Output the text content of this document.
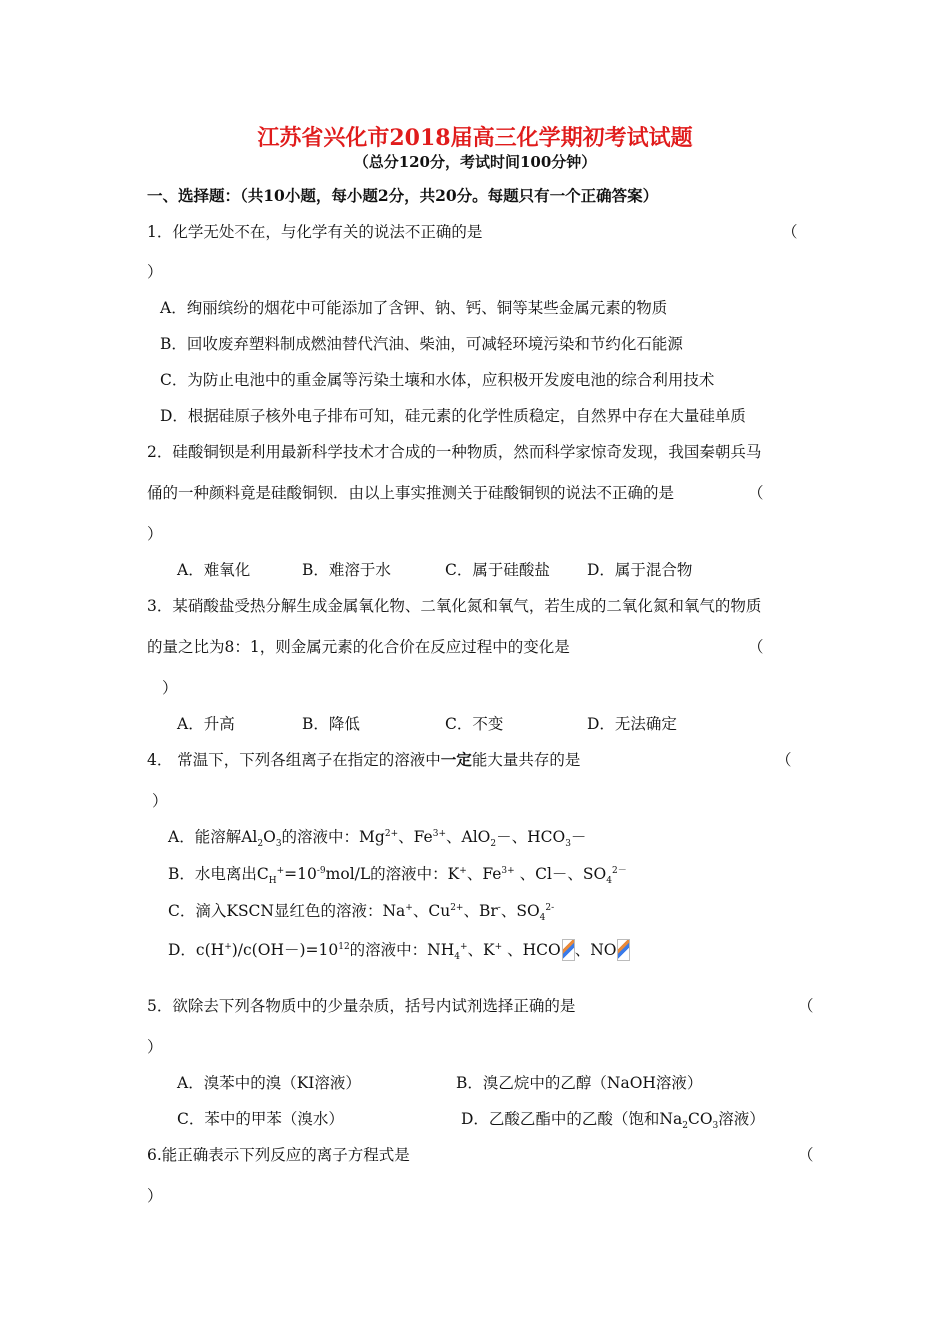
江苏省兴化市2018届高三化学期初考试试题
（总分120分，考试时间100分钟）
一、选择题：（共10小题，每小题2分，共20分。每题只有一个正确答案）
1．化学无处不在，与化学有关的说法不正确的是	（
）
A．绚丽缤纷的烟花中可能添加了含钾、钠、钙、铜等某些金属元素的物质
B．回收废弃塑料制成燃油替代汽油、柴油，可减轻环境污染和节约化石能源
C．为防止电池中的重金属等污染土壤和水体，应积极开发废电池的综合利用技术
D．根据硅原子核外电子排布可知，硅元素的化学性质稳定，自然界中存在大量硅单质
2．硅酸铜钡是利用最新科学技术才合成的一种物质，然而科学家惊奇发现，我国秦朝兵马
俑的一种颜料竟是硅酸铜钡．由以上事实推测关于硅酸铜钡的说法不正确的是	（
）
A．难氧化	B．难溶于水	C．属于硅酸盐 D．属于混合物
3．某硝酸盐受热分解生成金属氧化物、二氧化氮和氧气，若生成的二氧化氮和氧气的物质
的量之比为8：1，则金属元素的化合价在反应过程中的变化是	（
）
A．升高	B．降低	C．不变	D．无法确定
4． 常温下，下列各组离子在指定的溶液中一定能大量共存的是	（
）
A．能溶解$Al_2O_3$的溶液中：$Mg^{2+}$、$Fe^{3+}$、AlO$_2$－、$HCO_3-$
B．水电离出$C_H^+=10^{-9}mol/L$的溶液中：K+、$Fe^{3+}$ 、Cl－、$SO_4^{2-}$
C．滴入KSCN显红色的溶液：Na+、$Cu^{2+}$、Br-、$SO_4^{2-}$
D．$c(H^+)/c(OH-)=10^{12}$的溶液中：$NH_4^+$、K+ 、HCO 、NO
5．欲除去下列各物质中的少量杂质，括号内试剂选择正确的是	（
）
A．溴苯中的溴（KI溶液）	B．溴乙烷中的乙醇（NaOH溶液）
C．苯中的甲苯（溴水）	D．乙酸乙酯中的乙酸（饱和$Na_2CO_3$溶液）
6.能正确表示下列反应的离子方程式是	（
）
